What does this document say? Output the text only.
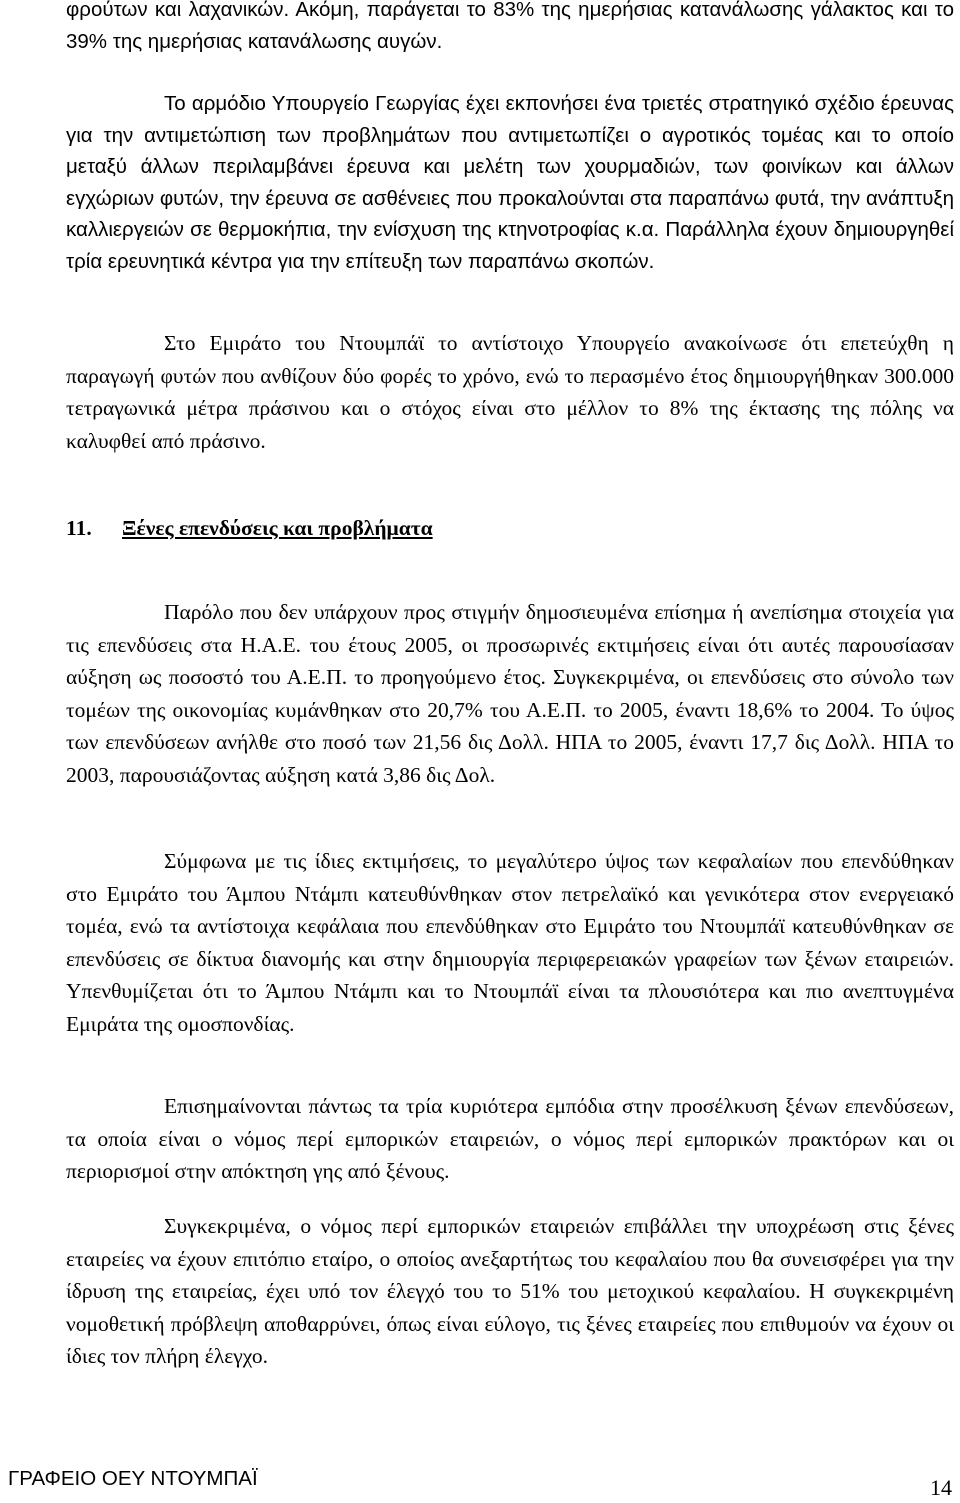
φρούτων και λαχανικών. Ακόμη, παράγεται το 83% της ημερήσιας κατανάλωσης γάλακτος και το 39% της ημερήσιας κατανάλωσης αυγών.

Το αρμόδιο Υπουργείο Γεωργίας έχει εκπονήσει ένα τριετές στρατηγικό σχέδιο έρευνας για την αντιμετώπιση των προβλημάτων που αντιμετωπίζει ο αγροτικός τομέας και το οποίο μεταξύ άλλων περιλαμβάνει έρευνα και μελέτη των χουρμαδιών, των φοινίκων και άλλων εγχώριων φυτών, την έρευνα σε ασθένειες που προκαλούνται στα παραπάνω φυτά, την ανάπτυξη καλλιεργειών σε θερμοκήπια, την ενίσχυση της κτηνοτροφίας κ.α. Παράλληλα έχουν δημιουργηθεί τρία ερευνητικά κέντρα για την επίτευξη των παραπάνω σκοπών.

Στο Εμιράτο του Ντουμπάϊ το αντίστοιχο Υπουργείο ανακοίνωσε ότι επετεύχθη η παραγωγή φυτών που ανθίζουν δύο φορές το χρόνο, ενώ το περασμένο έτος δημιουργήθηκαν 300.000 τετραγωνικά μέτρα πράσινου και ο στόχος είναι στο μέλλον το 8% της έκτασης της πόλης να καλυφθεί από πράσινο.

11. Ξένες επενδύσεις και προβλήματα

Παρόλο που δεν υπάρχουν προς στιγμήν δημοσιευμένα επίσημα ή ανεπίσημα στοιχεία για τις επενδύσεις στα Η.Α.Ε. του έτους 2005, οι προσωρινές εκτιμήσεις είναι ότι αυτές παρουσίασαν αύξηση ως ποσοστό του Α.Ε.Π. το προηγούμενο έτος. Συγκεκριμένα, οι επενδύσεις στο σύνολο των τομέων της οικονομίας κυμάνθηκαν στο 20,7% του Α.Ε.Π. το 2005, έναντι 18,6% το 2004. Το ύψος των επενδύσεων ανήλθε στο ποσό των 21,56 δις Δολλ. ΗΠΑ το 2005, έναντι 17,7 δις Δολλ. ΗΠΑ το 2003, παρουσιάζοντας αύξηση κατά 3,86 δις Δολ.

Σύμφωνα με τις ίδιες εκτιμήσεις, το μεγαλύτερο ύψος των κεφαλαίων που επενδύθηκαν στο Εμιράτο του Άμπου Ντάμπι κατευθύνθηκαν στον πετρελαϊκό και γενικότερα στον ενεργειακό τομέα, ενώ τα αντίστοιχα κεφάλαια που επενδύθηκαν στο Εμιράτο του Ντουμπάϊ κατευθύνθηκαν σε επενδύσεις σε δίκτυα διανομής και στην δημιουργία περιφερειακών γραφείων των ξένων εταιρειών. Υπενθυμίζεται ότι το Άμπου Ντάμπι και το Ντουμπάϊ είναι τα πλουσιότερα και πιο ανεπτυγμένα Εμιράτα της ομοσπονδίας.

Επισημαίνονται πάντως τα τρία κυριότερα εμπόδια στην προσέλκυση ξένων επενδύσεων, τα οποία είναι ο νόμος περί εμπορικών εταιρειών, ο νόμος περί εμπορικών πρακτόρων και οι περιορισμοί στην απόκτηση γης από ξένους.

Συγκεκριμένα, ο νόμος περί εμπορικών εταιρειών επιβάλλει την υποχρέωση στις ξένες εταιρείες να έχουν επιτόπιο εταίρο, ο οποίος ανεξαρτήτως του κεφαλαίου που θα συνεισφέρει για την ίδρυση της εταιρείας, έχει υπό τον έλεγχό του το 51% του μετοχικού κεφαλαίου. Η συγκεκριμένη νομοθετική πρόβλεψη αποθαρρύνει, όπως είναι εύλογο, τις ξένες εταιρείες που επιθυμούν να έχουν οι ίδιες τον πλήρη έλεγχο.

ΓΡΑΦΕΙΟ ΟΕΥ ΝΤΟΥΜΠΑΪ	14
